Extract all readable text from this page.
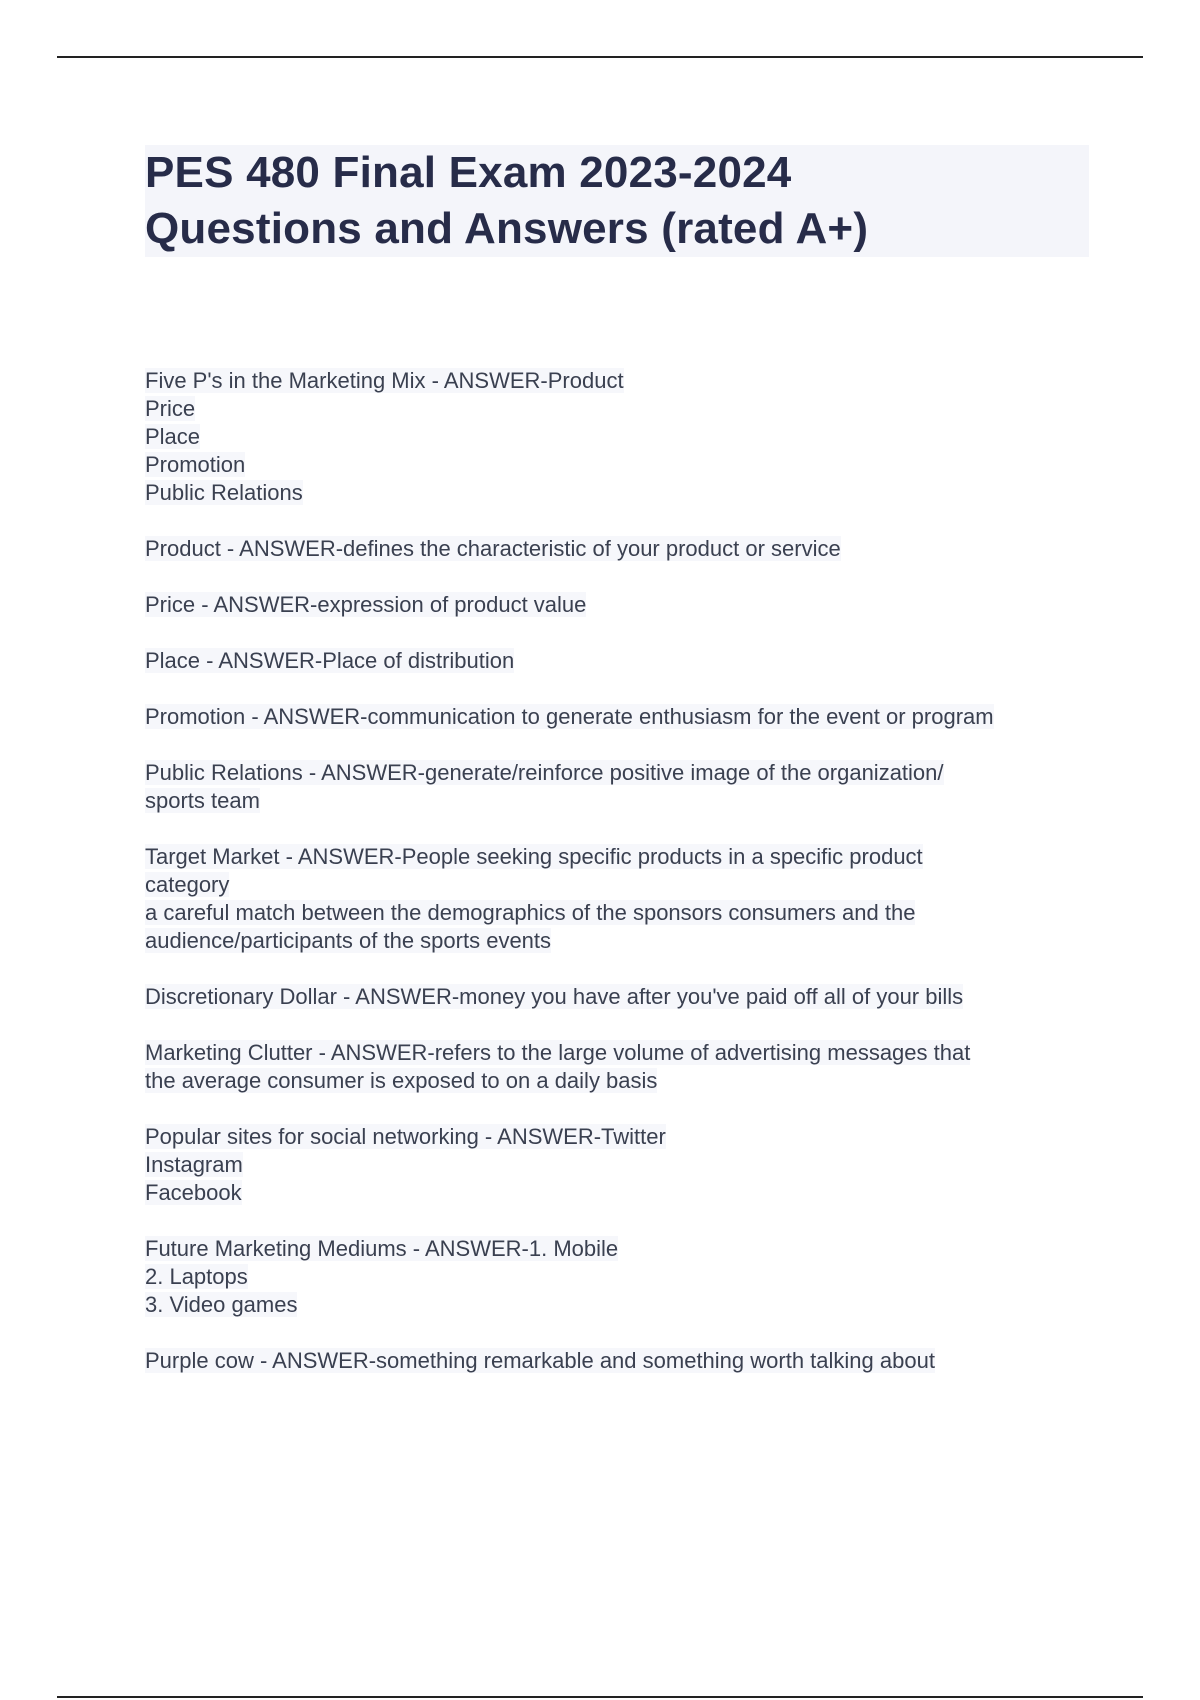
PES 480 Final Exam 2023-2024
Questions and Answers (rated A+)
Five P's in the Marketing Mix - ANSWER-Product
Price
Place
Promotion
Public Relations
Product - ANSWER-defines the characteristic of your product or service
Price - ANSWER-expression of product value
Place - ANSWER-Place of distribution
Promotion - ANSWER-communication to generate enthusiasm for the event or program
Public Relations - ANSWER-generate/reinforce positive image of the organization/
sports team
Target Market - ANSWER-People seeking specific products in a specific product
category
a careful match between the demographics of the sponsors consumers and the
audience/participants of the sports events
Discretionary Dollar - ANSWER-money you have after you've paid off all of your bills
Marketing Clutter - ANSWER-refers to the large volume of advertising messages that
the average consumer is exposed to on a daily basis
Popular sites for social networking - ANSWER-Twitter
Instagram
Facebook
Future Marketing Mediums - ANSWER-1. Mobile
2. Laptops
3. Video games
Purple cow - ANSWER-something remarkable and something worth talking about
